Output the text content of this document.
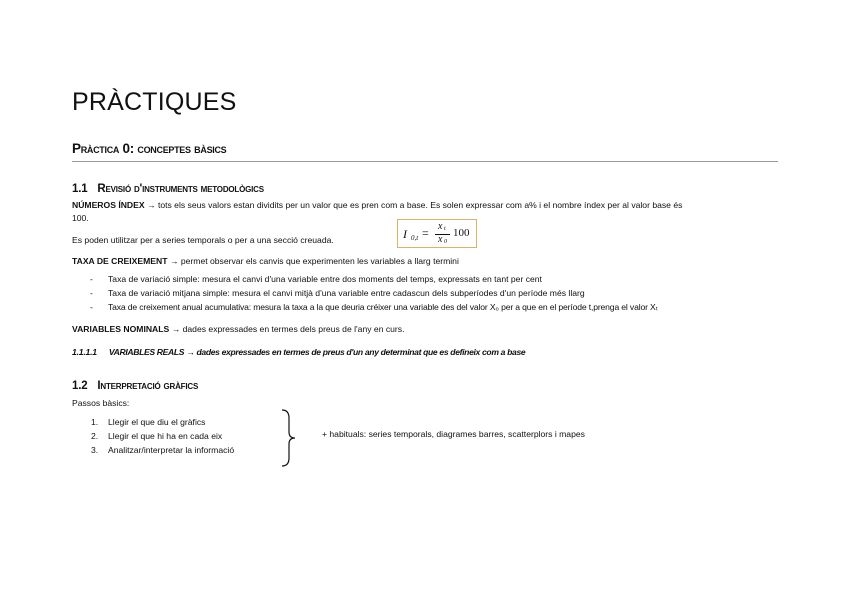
PRÀCTIQUES
Pràctica 0: conceptes bàsics
1.1 Revisió d'instruments metodològics
NÚMEROS ÍNDEX → tots els seus valors estan dividits per un valor que es pren com a base. Es solen expressar com a% i el nombre índex per al valor base és
100.
Es poden utilitzar per a series temporals o per a una secció creuada.	I 0,t = x t
x 0
100
TAXA DE CREIXEMENT → permet observar els canvis que experimenten les variables a llarg termini
- Taxa de variació simple: mesura el canvi d'una variable entre dos moments del temps, expressats en tant per cent
- Taxa de variació mitjana simple: mesura el canvi mitjà d'una variable entre cadascun dels subperíodes d'un període més llarg
- Taxa de creixement anual acumulativa: mesura la taxa a la que deuria créixer una variable des del valor X₀ per a que en el període t,prenga el valor Xₜ
VARIABLES NOMINALS → dades expressades en termes dels preus de l'any en curs.
1.1.1.1 VARIABLES REALS → dades expressades en termes de preus d'un any determinat que es defineix com a base
1.2 Interpretació gràfics
Passos bàsics:
1. Llegir el que diu el gràfics
2. Llegir el que hi ha en cada eix
3. Analitzar/interpretar la informació
+ habituals: series temporals, diagrames barres, scatterplors i mapes
